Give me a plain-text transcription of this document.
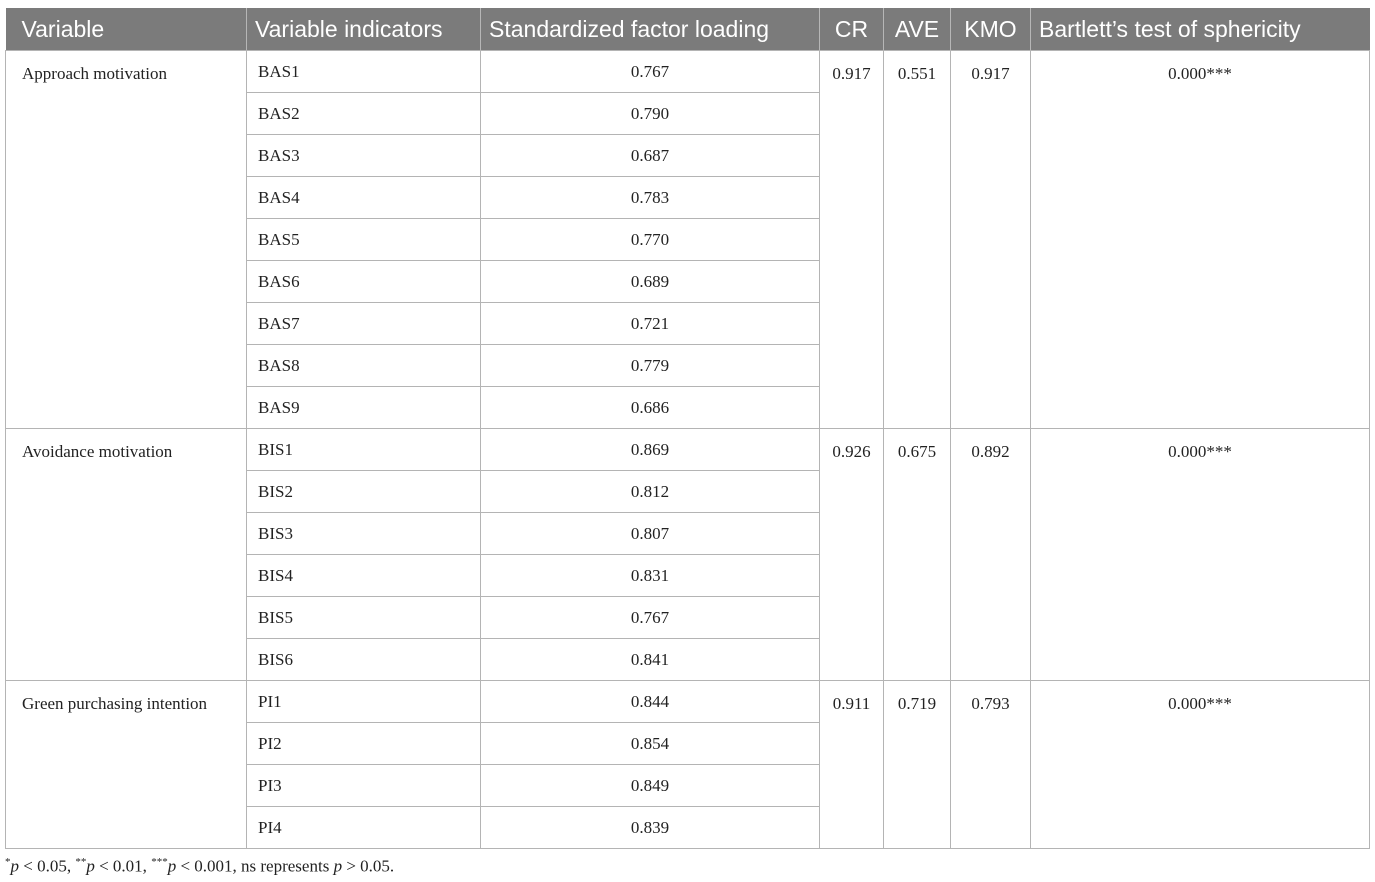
Variable	Variable indicators	Standardized factor loading	CR	AVE	KMO	Bartlett’s test of sphericity
Approach motivation	BAS1	0.767	0.917	0.551	0.917	0.000***
	BAS2	0.790				
	BAS3	0.687				
	BAS4	0.783				
	BAS5	0.770				
	BAS6	0.689				
	BAS7	0.721				
	BAS8	0.779				
	BAS9	0.686				
Avoidance motivation	BIS1	0.869	0.926	0.675	0.892	0.000***
	BIS2	0.812				
	BIS3	0.807				
	BIS4	0.831				
	BIS5	0.767				
	BIS6	0.841				
Green purchasing intention	PI1	0.844	0.911	0.719	0.793	0.000***
	PI2	0.854				
	PI3	0.849				
	PI4	0.839				
*p < 0.05, **p < 0.01, ***p < 0.001, ns represents p > 0.05.
